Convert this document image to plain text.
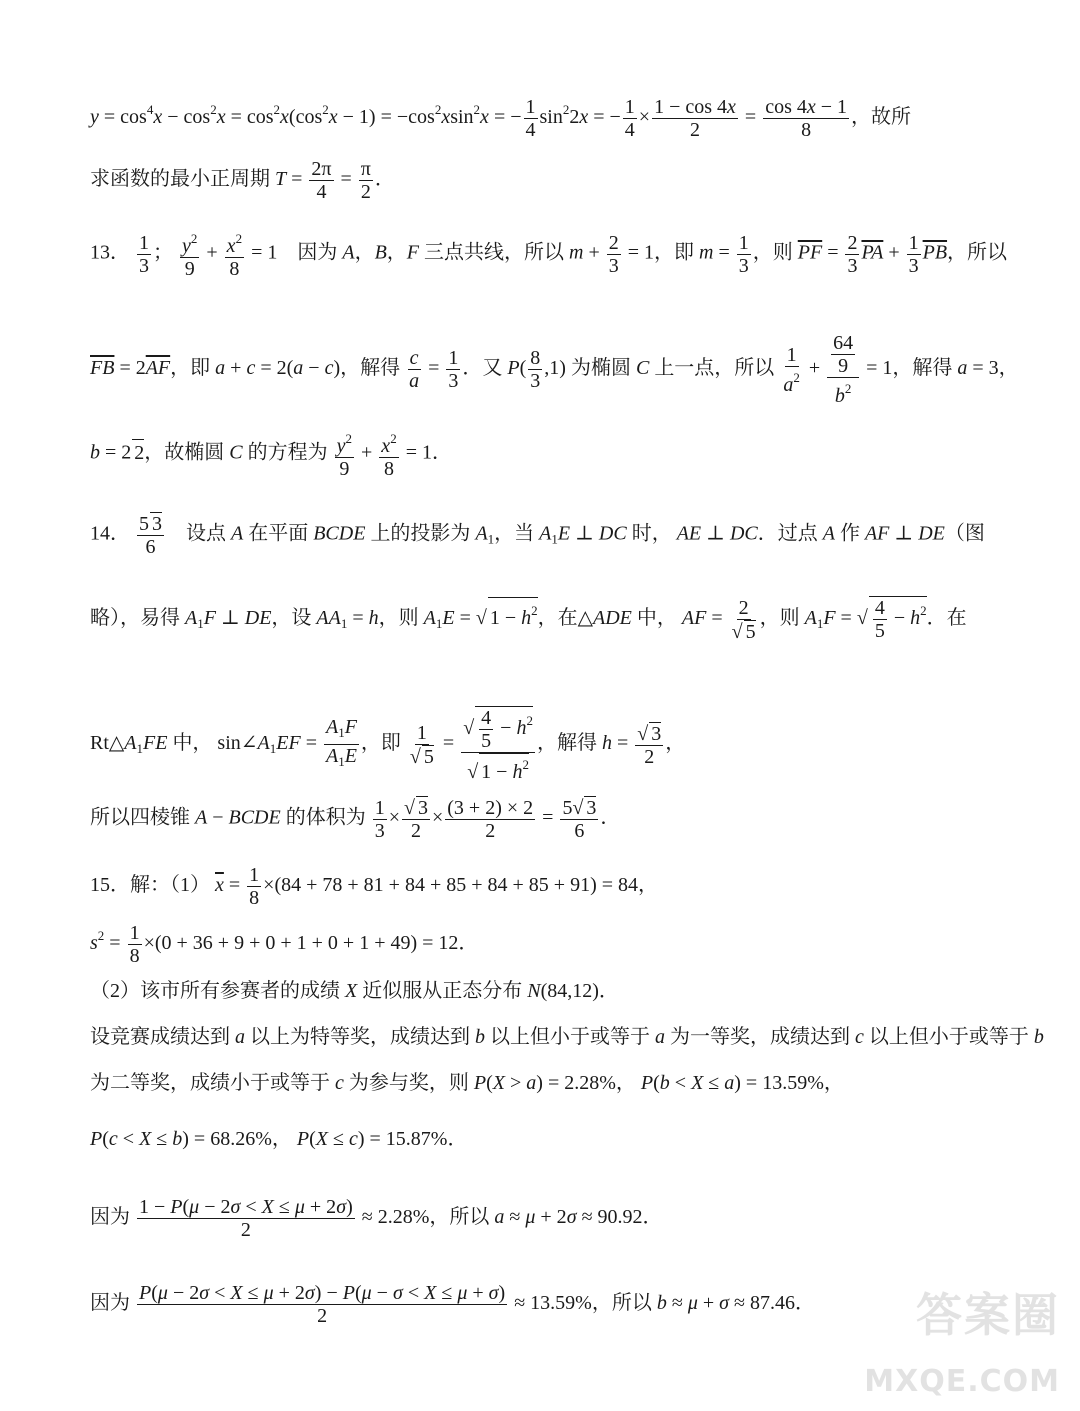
$y = \cos^4x - \cos^2x = \cos^2x(\cos^2x - 1) = -\cos^2xsin^2x$ = − $\frac{1}{4} \sin^22x$ = − $\frac{1}{4} \times \frac{1 - \cos 4x}{2} = \frac{\cos 4x - 1}{8}$ ，故所
求函数的最小正周期 $T = \frac{2\pi}{4} = \frac{\pi}{2}$ ．
13． $\frac{1}{3}$ ； $\frac{y^2}{9} + \frac{x^2}{8} = 1$    因为 A，B，F 三点共线，所以 $m + \frac{2}{3} = 1$，即 $m = \frac{1}{3}$ ，则 $\overline{PF} = \frac{2}{3} \overline{PA} + \frac{1}{3} \overline{PB}$，所以
$\overline{FB} = 2\overline{AF}$，即 a + c = 2(a − c)，解得 $\frac{c}{a} = \frac{1}{3}$ ．又 $P( \frac{8}{3} ,1)$ 为椭圆 C 上一点，所以 $\frac{1}{a^2} + \frac{\frac{64}{9}}{b^2} = 1$，解得 a = 3，
b = 2 2，故椭圆 C 的方程为 $\frac{y^2}{9} + \frac{x^2}{8} = 1$．
14． $\frac{5 3}{6}$ 设点 A 在平面 BCDE 上的投影为 $A_1$，当 $A_1E$ ⊥ DC 时， AE ⊥ DC．过点 A 作 AF ⊥ DE（图
略），易得 $A_1F$ ⊥ DE，设 $AA_1 = h$，则 $A_1E$ = √ $1 - h^2$，在△ADE 中， AF = $\frac{2}{√ 5}$ ，则 $A_1F$ = √ $\frac{4}{5} - h^2$．在
$Rt\triangle A_1FE$ 中， $\sin\angle A_1EF = \frac{A_1F}{A_1E}$ ，即 $\frac{1}{√ 5} = \frac{√ \frac{4}{5} - h^2}{√ 1 - h^2}$ ，解得 $h = \frac{√ 3}{2}$ ，
所以四棱锥 A − BCDE 的体积为 $\frac{1}{3} \times \frac{√ 3}{2} \times \frac{(3 + 2) \times 2}{2} = \frac{5√ 3}{6}$ ．
15．解：（1） $\overline{x} = \frac{1}{8} \times(84 + 78 + 81 + 84 + 85 + 84 + 85 + 91) = 84$，
$s^2 = \frac{1}{8} \times(0 + 36 + 9 + 0 + 1 + 0 + 1 + 49) = 12$．
（2）该市所有参赛者的成绩 X 近似服从正态分布 N(84,12)．
设竞赛成绩达到 a 以上为特等奖，成绩达到 b 以上但小于或等于 a 为一等奖，成绩达到 c 以上但小于或等于 b
为二等奖，成绩小于或等于 c 为参与奖，则 P(X > a) = 2.28%， P(b < X ≤ a) = 13.59%，
P(c < X ≤ b) = 68.26%， P(X ≤ c) = 15.87%．
因为 $\frac{1 - P(\mu - 2\sigma < X \le \mu + 2\sigma)}{2} \approx 2.28\%$，所以 a ≈ μ + 2σ ≈ 90.92．
因为 $\frac{P(\mu - 2\sigma < X \le \mu + 2\sigma) - P(\mu - \sigma < X \le \mu + \sigma)}{2} \approx 13.59\%$，所以 b ≈ μ + σ ≈ 87.46．	答案圈
MXQE.COM
